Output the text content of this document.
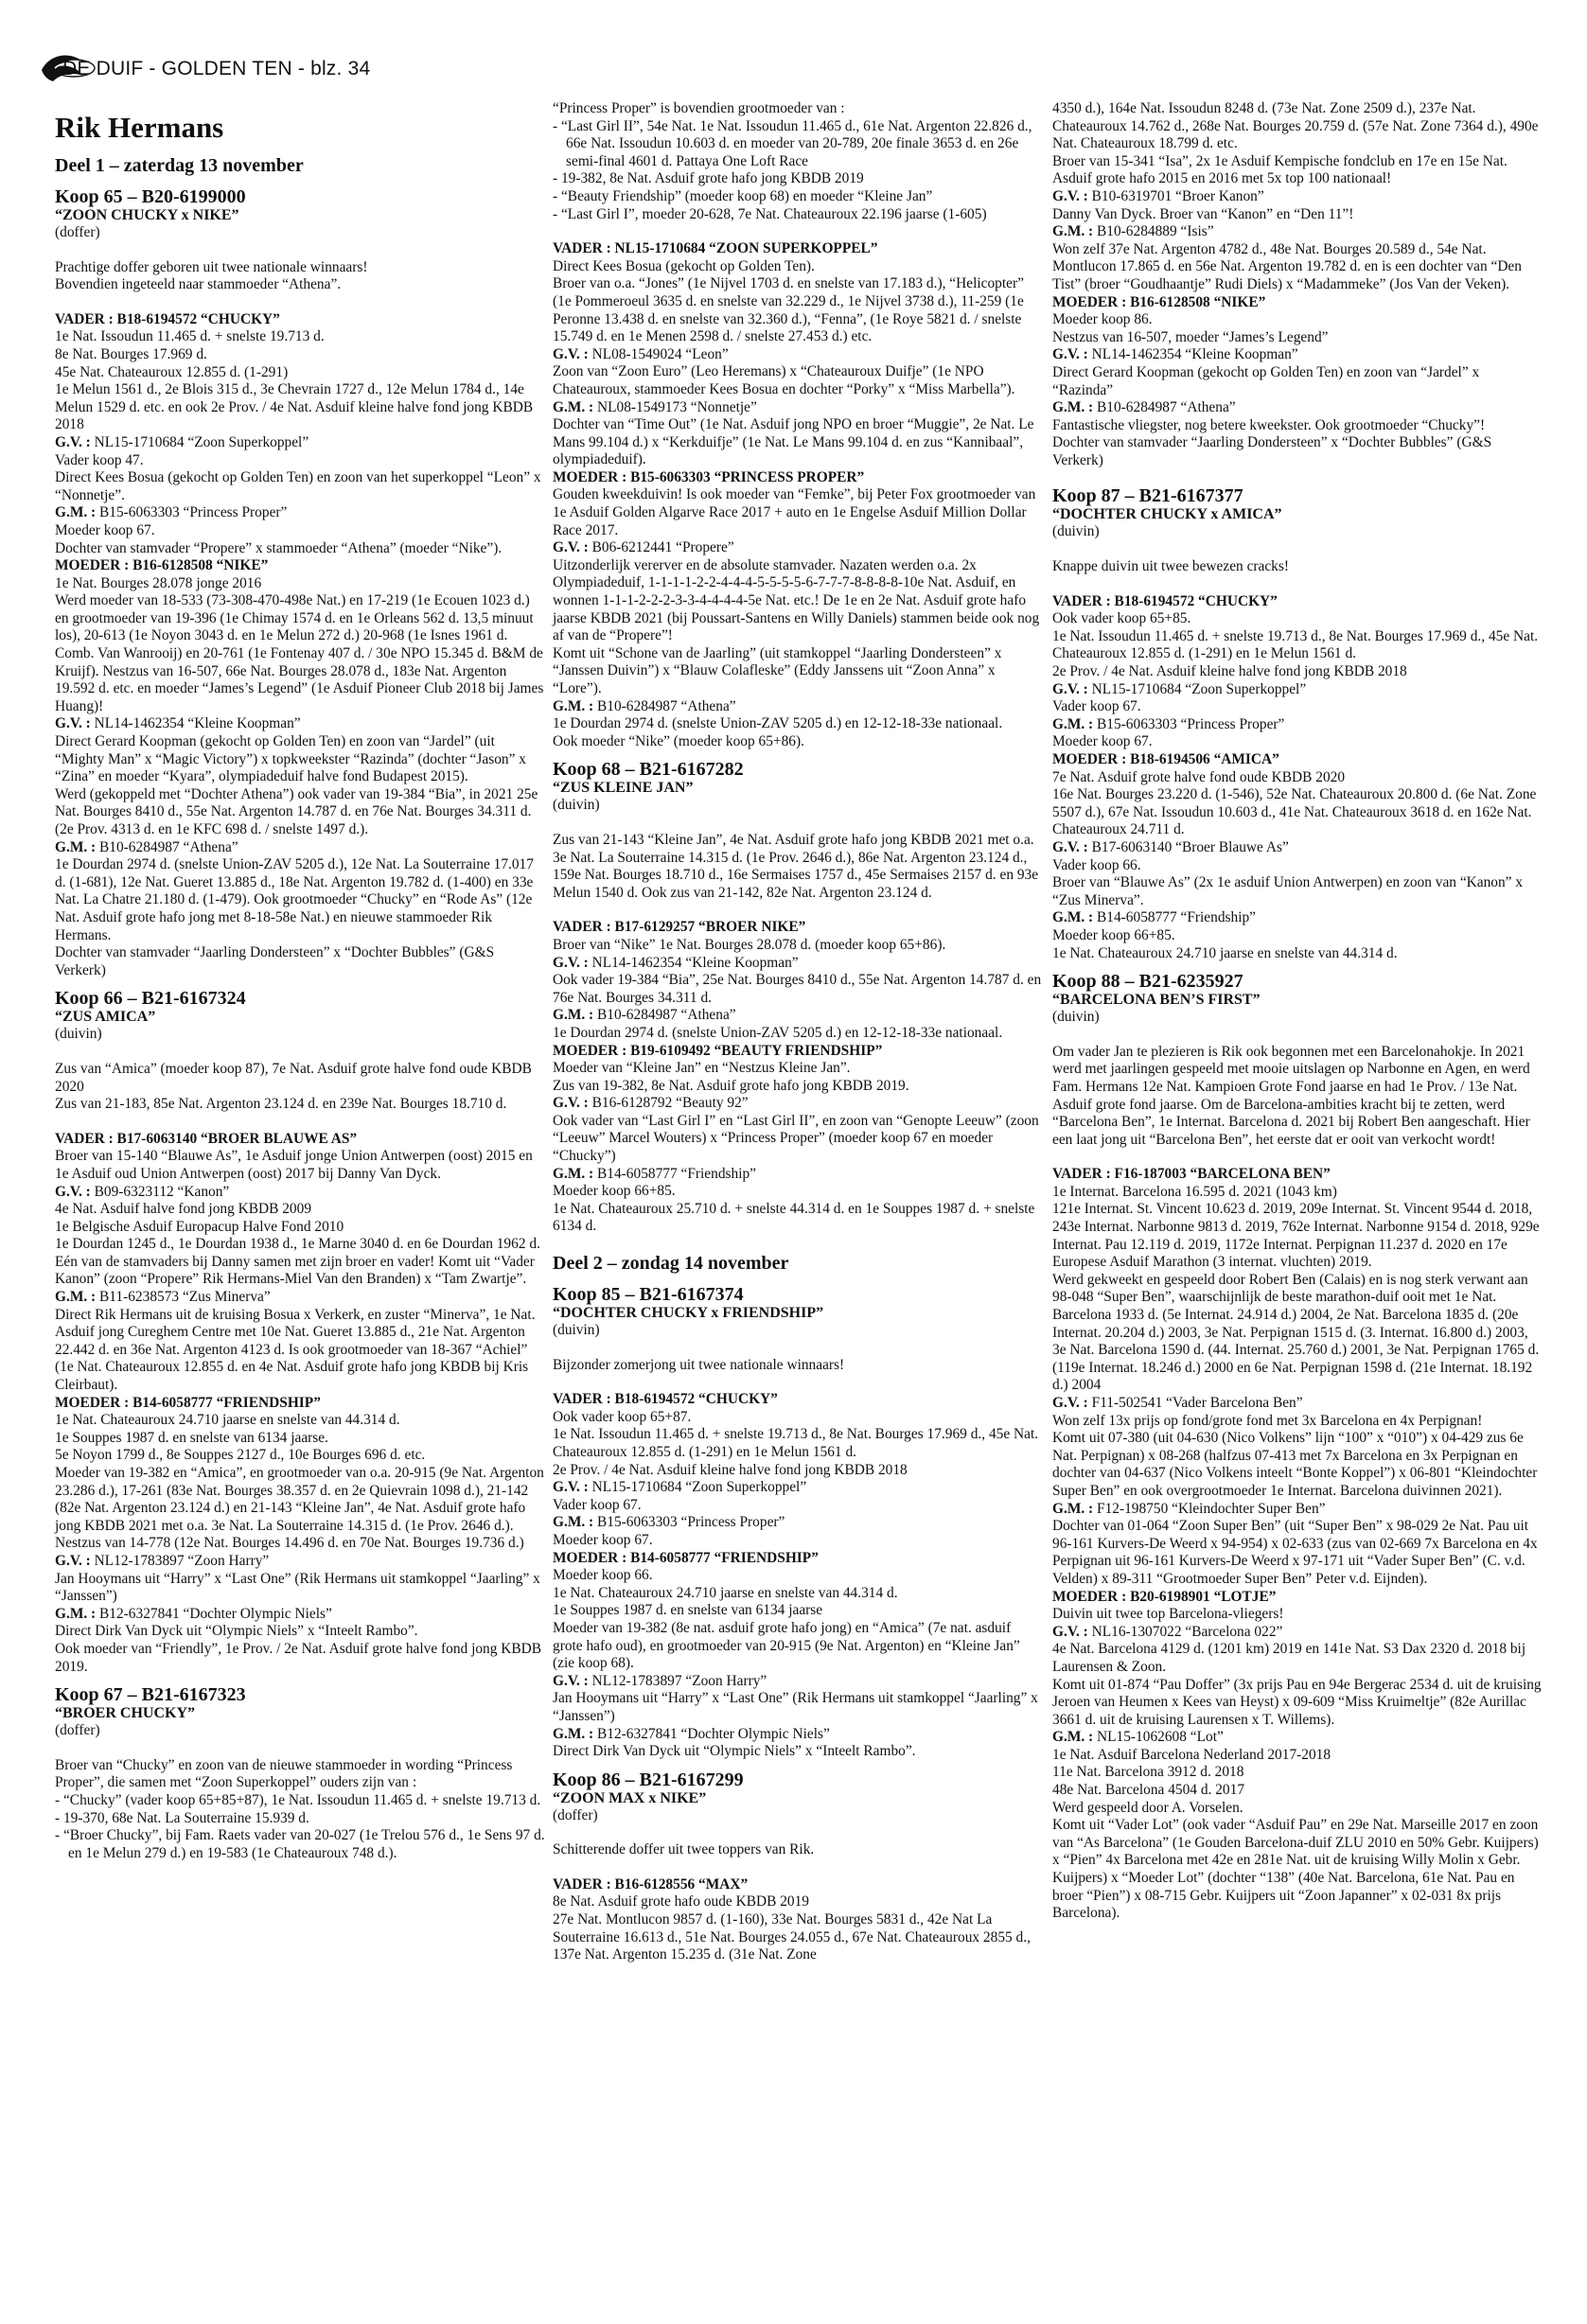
DE DUIF - GOLDEN TEN - blz. 34
Rik Hermans
Deel 1 – zaterdag 13 november
Koop 65 – B20-6199000
“ZOON CHUCKY x NIKE”
(doffer)

Prachtige doffer geboren uit twee nationale winnaars!

Bovendien ingeteeld naar stammoeder “Athena”.

VADER : B18-6194572 “CHUCKY”

1e Nat. Issoudun 11.465 d. + snelste 19.713 d.

8e Nat. Bourges 17.969 d.

45e Nat. Chateauroux 12.855 d. (1-291)

1e Melun 1561 d., 2e Blois 315 d., 3e Chevrain 1727 d., 12e Melun 1784 d., 14e Melun 1529 d. etc. en ook 2e Prov. / 4e Nat. Asduif kleine halve fond jong KBDB 2018

G.V. : NL15-1710684 “Zoon Superkoppel”

Vader koop 47.

Direct Kees Bosua (gekocht op Golden Ten) en zoon van het superkoppel “Leon” x “Nonnetje”.

G.M. : B15-6063303 “Princess Proper”

Moeder koop 67.

Dochter van stamvader “Propere” x stammoeder “Athena” (moeder “Nike”).

MOEDER : B16-6128508 “NIKE”

1e Nat. Bourges 28.078 jonge 2016

Werd moeder van 18-533 (73-308-470-498e Nat.) en 17-219 (1e Ecouen 1023 d.) en grootmoeder van 19-396 (1e Chimay 1574 d. en 1e Orleans 562 d. 13,5 minuut los), 20-613 (1e Noyon 3043 d. en 1e Melun 272 d.) 20-968 (1e Isnes 1961 d. Comb. Van Wanrooij) en 20-761 (1e Fontenay 407 d. / 30e NPO 15.345 d. B&M de Kruijf). Nestzus van 16-507, 66e Nat. Bourges 28.078 d., 183e Nat. Argenton 19.592 d. etc. en moeder “James’s Legend” (1e Asduif Pioneer Club 2018 bij James Huang)!

G.V. : NL14-1462354 “Kleine Koopman”

Direct Gerard Koopman (gekocht op Golden Ten) en zoon van “Jardel” (uit “Mighty Man” x “Magic Victory”) x topkweekster “Razinda” (dochter “Jason” x “Zina” en moeder “Kyara”, olympiadeduif halve fond Budapest 2015).

Werd (gekoppeld met “Dochter Athena”) ook vader van 19-384 “Bia”, in 2021 25e Nat. Bourges 8410 d., 55e Nat. Argenton 14.787 d. en 76e Nat. Bourges 34.311 d. (2e Prov. 4313 d. en 1e KFC 698 d. / snelste 1497 d.).

G.M. : B10-6284987 “Athena”

1e Dourdan 2974 d. (snelste Union-ZAV 5205 d.), 12e Nat. La Souterraine 17.017 d. (1-681), 12e Nat. Gueret 13.885 d., 18e Nat. Argenton 19.782 d. (1-400) en 33e Nat. La Chatre 21.180 d. (1-479). Ook grootmoeder “Chucky” en “Rode As” (12e Nat. Asduif grote hafo jong met 8-18-58e Nat.) en nieuwe stammoeder Rik Hermans.

Dochter van stamvader “Jaarling Dondersteen” x “Dochter Bubbles” (G&S Verkerk)

Koop 66 – B21-6167324
“ZUS AMICA”
(duivin)

Zus van “Amica” (moeder koop 87), 7e Nat. Asduif grote halve fond oude KBDB 2020

Zus van 21-183, 85e Nat. Argenton 23.124 d. en 239e Nat. Bourges 18.710 d.

VADER : B17-6063140 “BROER BLAUWE AS”

Broer van 15-140 “Blauwe As”, 1e Asduif jonge Union Antwerpen (oost) 2015 en 1e Asduif oud Union Antwerpen (oost) 2017 bij Danny Van Dyck.

G.V. : B09-6323112 “Kanon”

4e Nat. Asduif halve fond jong KBDB 2009

1e Belgische Asduif Europacup Halve Fond 2010

1e Dourdan 1245 d., 1e Dourdan 1938 d., 1e Marne 3040 d. en 6e Dourdan 1962 d.

Eén van de stamvaders bij Danny samen met zijn broer en vader! Komt uit “Vader Kanon” (zoon “Propere” Rik Hermans-Miel Van den Branden) x “Tam Zwartje”.

G.M. : B11-6238573 “Zus Minerva”

Direct Rik Hermans uit de kruising Bosua x Verkerk, en zuster “Minerva”, 1e Nat. Asduif jong Cureghem Centre met 10e Nat. Gueret 13.885 d., 21e Nat. Argenton 22.442 d. en 36e Nat. Argenton 4123 d. Is ook grootmoeder van 18-367 “Achiel” (1e Nat. Chateauroux 12.855 d. en 4e Nat. Asduif grote hafo jong KBDB bij Kris Cleirbaut).

MOEDER : B14-6058777 “FRIENDSHIP”

1e Nat. Chateauroux 24.710 jaarse en snelste van 44.314 d.

1e Souppes 1987 d. en snelste van 6134 jaarse.

5e Noyon 1799 d., 8e Souppes 2127 d., 10e Bourges 696 d. etc.

Moeder van 19-382 en “Amica”, en grootmoeder van o.a. 20-915 (9e Nat. Argenton 23.286 d.), 17-261 (83e Nat. Bourges 38.357 d. en 2e Quievrain 1098 d.), 21-142 (82e Nat. Argenton 23.124 d.) en 21-143 “Kleine Jan”, 4e Nat. Asduif grote hafo jong KBDB 2021 met o.a. 3e Nat. La Souterraine 14.315 d. (1e Prov. 2646 d.).

Nestzus van 14-778 (12e Nat. Bourges 14.496 d. en 70e Nat. Bourges 19.736 d.)

G.V. : NL12-1783897 “Zoon Harry”

Jan Hooymans uit “Harry” x “Last One” (Rik Hermans uit stamkoppel “Jaarling” x “Janssen”)

G.M. : B12-6327841 “Dochter Olympic Niels”

Direct Dirk Van Dyck uit “Olympic Niels” x “Inteelt Rambo”.

Ook moeder van “Friendly”, 1e Prov. / 2e Nat. Asduif grote halve fond jong KBDB 2019.

Koop 67 – B21-6167323
“BROER CHUCKY”
(doffer)

Broer van “Chucky” en zoon van de nieuwe stammoeder in wording “Princess Proper”, die samen met “Zoon Superkoppel” ouders zijn van :

- “Chucky” (vader koop 65+85+87), 1e Nat. Issoudun 11.465 d. + snelste 19.713 d.

- 19-370, 68e Nat. La Souterraine 15.939 d.

- “Broer Chucky”, bij Fam. Raets vader van 20-027 (1e Trelou 576 d., 1e Sens 97 d. en 1e Melun 279 d.) en 19-583 (1e Chateauroux 748 d.).

“Princess Proper” is bovendien grootmoeder van :

- “Last Girl II”, 54e Nat. 1e Nat. Issoudun 11.465 d., 61e Nat. Argenton 22.826 d., 66e Nat. Issoudun 10.603 d. en moeder van 20-789, 20e finale 3653 d. en 26e semi-final 4601 d. Pattaya One Loft Race

- 19-382, 8e Nat. Asduif grote hafo jong KBDB 2019

- “Beauty Friendship” (moeder koop 68) en moeder “Kleine Jan”

- “Last Girl I”, moeder 20-628, 7e Nat. Chateauroux 22.196 jaarse (1-605)

VADER : NL15-1710684 “ZOON SUPERKOPPEL”

Direct Kees Bosua (gekocht op Golden Ten).

Broer van o.a. “Jones” (1e Nijvel 1703 d. en snelste van 17.183 d.), “Helicopter” (1e Pommeroeul 3635 d. en snelste van 32.229 d., 1e Nijvel 3738 d.), 11-259 (1e Peronne 13.438 d. en snelste van 32.360 d.), “Fenna”, (1e Roye 5821 d. / snelste 15.749 d. en 1e Menen 2598 d. / snelste 27.453 d.) etc.

G.V. : NL08-1549024 “Leon”

Zoon van “Zoon Euro” (Leo Heremans) x “Chateauroux Duifje” (1e NPO Chateauroux, stammoeder Kees Bosua en dochter “Porky” x “Miss Marbella”).

G.M. : NL08-1549173 “Nonnetje”

Dochter van “Time Out” (1e Nat. Asduif jong NPO en broer “Muggie”, 2e Nat. Le Mans 99.104 d.) x “Kerkduifje” (1e Nat. Le Mans 99.104 d. en zus “Kannibaal”, olympiadeduif).

MOEDER : B15-6063303 “PRINCESS PROPER”

Gouden kweekduivin! Is ook moeder van “Femke”, bij Peter Fox grootmoeder van 1e Asduif Golden Algarve Race 2017 + auto en 1e Engelse Asduif Million Dollar Race 2017.

G.V. : B06-6212441 “Propere”

Uitzonderlijk vererver en de absolute stamvader. Nazaten werden o.a. 2x Olympiadeduif, 1-1-1-1-2-2-4-4-4-5-5-5-5-6-7-7-7-8-8-8-8-10e Nat. Asduif, en wonnen 1-1-1-2-2-2-3-3-4-4-4-4-5e Nat. etc.! De 1e en 2e Nat. Asduif grote hafo jaarse KBDB 2021 (bij Poussart-Santens en Willy Daniels) stammen beide ook nog af van de “Propere”!

Komt uit “Schone van de Jaarling” (uit stamkoppel “Jaarling Dondersteen” x “Janssen Duivin”) x “Blauw Colafleske” (Eddy Janssens uit “Zoon Anna” x “Lore”).

G.M. : B10-6284987 “Athena”

1e Dourdan 2974 d. (snelste Union-ZAV 5205 d.) en 12-12-18-33e nationaal.

Ook moeder “Nike” (moeder koop 65+86).

Koop 68 – B21-6167282
“ZUS KLEINE JAN”
(duivin)

Zus van 21-143 “Kleine Jan”, 4e Nat. Asduif grote hafo jong KBDB 2021 met o.a. 3e Nat. La Souterraine 14.315 d. (1e Prov. 2646 d.), 86e Nat. Argenton 23.124 d., 159e Nat. Bourges 18.710 d., 16e Sermaises 1757 d., 45e Sermaises 2157 d. en 93e Melun 1540 d. Ook zus van 21-142, 82e Nat. Argenton 23.124 d.

VADER : B17-6129257 “BROER NIKE”

Broer van “Nike” 1e Nat. Bourges 28.078 d. (moeder koop 65+86).

G.V. : NL14-1462354 “Kleine Koopman”

Ook vader 19-384 “Bia”, 25e Nat. Bourges 8410 d., 55e Nat. Argenton 14.787 d. en 76e Nat. Bourges 34.311 d.

G.M. : B10-6284987 “Athena”

1e Dourdan 2974 d. (snelste Union-ZAV 5205 d.) en 12-12-18-33e nationaal.

MOEDER : B19-6109492 “BEAUTY FRIENDSHIP”

Moeder van “Kleine Jan” en “Nestzus Kleine Jan”.

Zus van 19-382, 8e Nat. Asduif grote hafo jong KBDB 2019.

G.V. : B16-6128792 “Beauty 92”

Ook vader van “Last Girl I” en “Last Girl II”, en zoon van “Genopte Leeuw” (zoon “Leeuw” Marcel Wouters) x “Princess Proper” (moeder koop 67 en moeder “Chucky”)

G.M. : B14-6058777 “Friendship”

Moeder koop 66+85.

1e Nat. Chateauroux 25.710 d. + snelste 44.314 d. en 1e Souppes 1987 d. + snelste 6134 d.

Deel 2 – zondag 14 november
Koop 85 – B21-6167374
“DOCHTER CHUCKY x FRIENDSHIP”
(duivin)

Bijzonder zomerjong uit twee nationale winnaars!

VADER : B18-6194572 “CHUCKY”

Ook vader koop 65+87.

1e Nat. Issoudun 11.465 d. + snelste 19.713 d., 8e Nat. Bourges 17.969 d., 45e Nat. Chateauroux 12.855 d. (1-291) en 1e Melun 1561 d.

2e Prov. / 4e Nat. Asduif kleine halve fond jong KBDB 2018

G.V. : NL15-1710684 “Zoon Superkoppel”

Vader koop 67.

G.M. : B15-6063303 “Princess Proper”

Moeder koop 67.

MOEDER : B14-6058777 “FRIENDSHIP”

Moeder koop 66.

1e Nat. Chateauroux 24.710 jaarse en snelste van 44.314 d.

1e Souppes 1987 d. en snelste van 6134 jaarse

Moeder van 19-382 (8e nat. asduif grote hafo jong) en “Amica” (7e nat. asduif grote hafo oud), en grootmoeder van 20-915 (9e Nat. Argenton) en “Kleine Jan” (zie koop 68).

G.V. : NL12-1783897 “Zoon Harry”

Jan Hooymans uit “Harry” x “Last One” (Rik Hermans uit stamkoppel “Jaarling” x “Janssen”)

G.M. : B12-6327841 “Dochter Olympic Niels”

Direct Dirk Van Dyck uit “Olympic Niels” x “Inteelt Rambo”.

Koop 86 – B21-6167299
“ZOON MAX x NIKE”
(doffer)

Schitterende doffer uit twee toppers van Rik.

VADER : B16-6128556 “MAX”

8e Nat. Asduif grote hafo oude KBDB 2019

27e Nat. Montlucon 9857 d. (1-160), 33e Nat. Bourges 5831 d., 42e Nat La Souterraine 16.613 d., 51e Nat. Bourges 24.055 d., 67e Nat. Chateauroux 2855 d., 137e Nat. Argenton 15.235 d. (31e Nat. Zone

4350 d.), 164e Nat. Issoudun 8248 d. (73e Nat. Zone 2509 d.), 237e Nat. Chateauroux 14.762 d., 268e Nat. Bourges 20.759 d. (57e Nat. Zone 7364 d.), 490e Nat. Chateauroux 18.799 d. etc.

Broer van 15-341 “Isa”, 2x 1e Asduif Kempische fondclub en 17e en 15e Nat. Asduif grote hafo 2015 en 2016 met 5x top 100 nationaal!

G.V. : B10-6319701 “Broer Kanon”

Danny Van Dyck. Broer van “Kanon” en “Den 11”!

G.M. : B10-6284889 “Isis”

Won zelf 37e Nat. Argenton 4782 d., 48e Nat. Bourges 20.589 d., 54e Nat. Montlucon 17.865 d. en 56e Nat. Argenton 19.782 d. en is een dochter van “Den Tist” (broer “Goudhaantje” Rudi Diels) x “Madammeke” (Jos Van der Veken).

MOEDER : B16-6128508 “NIKE”

Moeder koop 86.

Nestzus van 16-507, moeder “James’s Legend”

G.V. : NL14-1462354 “Kleine Koopman”

Direct Gerard Koopman (gekocht op Golden Ten) en zoon van “Jardel” x “Razinda”

G.M. : B10-6284987 “Athena”

Fantastische vliegster, nog betere kweekster. Ook grootmoeder “Chucky”!

Dochter van stamvader “Jaarling Dondersteen” x “Dochter Bubbles” (G&S Verkerk)

Koop 87 – B21-6167377
“DOCHTER CHUCKY x AMICA”
(duivin)

Knappe duivin uit twee bewezen cracks!

VADER : B18-6194572 “CHUCKY”

Ook vader koop 65+85.

1e Nat. Issoudun 11.465 d. + snelste 19.713 d., 8e Nat. Bourges 17.969 d., 45e Nat. Chateauroux 12.855 d. (1-291) en 1e Melun 1561 d.

2e Prov. / 4e Nat. Asduif kleine halve fond jong KBDB 2018

G.V. : NL15-1710684 “Zoon Superkoppel”

Vader koop 67.

G.M. : B15-6063303 “Princess Proper”

Moeder koop 67.

MOEDER : B18-6194506 “AMICA”

7e Nat. Asduif grote halve fond oude KBDB 2020

16e Nat. Bourges 23.220 d. (1-546), 52e Nat. Chateauroux 20.800 d. (6e Nat. Zone 5507 d.), 67e Nat. Issoudun 10.603 d., 41e Nat. Chateauroux 3618 d. en 162e Nat. Chateauroux 24.711 d.

G.V. : B17-6063140 “Broer Blauwe As”

Vader koop 66.

Broer van “Blauwe As” (2x 1e asduif Union Antwerpen) en zoon van “Kanon” x “Zus Minerva”.

G.M. : B14-6058777 “Friendship”

Moeder koop 66+85.

1e Nat. Chateauroux 24.710 jaarse en snelste van 44.314 d.

Koop 88 – B21-6235927
“BARCELONA BEN’S FIRST”
(duivin)

Om vader Jan te plezieren is Rik ook begonnen met een Barcelonahokje. In 2021 werd met jaarlingen gespeeld met mooie uitslagen op Narbonne en Agen, en werd Fam. Hermans 12e Nat. Kampioen Grote Fond jaarse en had 1e Prov. / 13e Nat. Asduif grote fond jaarse. Om de Barcelona-ambities kracht bij te zetten, werd “Barcelona Ben”, 1e Internat. Barcelona d. 2021 bij Robert Ben aangeschaft. Hier een laat jong uit “Barcelona Ben”, het eerste dat er ooit van verkocht wordt!

VADER : F16-187003 “BARCELONA BEN”

1e Internat. Barcelona 16.595 d. 2021 (1043 km)

121e Internat. St. Vincent 10.623 d. 2019, 209e Internat. St. Vincent 9544 d. 2018, 243e Internat. Narbonne 9813 d. 2019, 762e Internat. Narbonne 9154 d. 2018, 929e Internat. Pau 12.119 d. 2019, 1172e Internat. Perpignan 11.237 d. 2020 en 17e Europese Asduif Marathon (3 internat. vluchten) 2019.

Werd gekweekt en gespeeld door Robert Ben (Calais) en is nog sterk verwant aan 98-048 “Super Ben”, waarschijnlijk de beste marathon-duif ooit met 1e Nat. Barcelona 1933 d. (5e Internat. 24.914 d.) 2004, 2e Nat. Barcelona 1835 d. (20e Internat. 20.204 d.) 2003, 3e Nat. Perpignan 1515 d. (3. Internat. 16.800 d.) 2003, 3e Nat. Barcelona 1590 d. (44. Internat. 25.760 d.) 2001, 3e Nat. Perpignan 1765 d. (119e Internat. 18.246 d.) 2000 en 6e Nat. Perpignan 1598 d. (21e Internat. 18.192 d.) 2004

G.V. : F11-502541 “Vader Barcelona Ben”

Won zelf 13x prijs op fond/grote fond met 3x Barcelona en 4x Perpignan!

Komt uit 07-380 (uit 04-630 (Nico Volkens” lijn “100” x “010”) x 04-429 zus 6e Nat. Perpignan) x 08-268 (halfzus 07-413 met 7x Barcelona en 3x Perpignan en dochter van 04-637 (Nico Volkens inteelt “Bonte Koppel”) x 06-801 “Kleindochter Super Ben” en ook overgrootmoeder 1e Internat. Barcelona duivinnen 2021).

G.M. : F12-198750 “Kleindochter Super Ben”

Dochter van 01-064 “Zoon Super Ben” (uit “Super Ben” x 98-029 2e Nat. Pau uit 96-161 Kurvers-De Weerd x 94-954) x 02-633 (zus van 02-669 7x Barcelona en 4x Perpignan uit 96-161 Kurvers-De Weerd x 97-171 uit “Vader Super Ben” (C. v.d. Velden) x 89-311 “Grootmoeder Super Ben” Peter v.d. Eijnden).

MOEDER : B20-6198901 “LOTJE”

Duivin uit twee top Barcelona-vliegers!

G.V. : NL16-1307022 “Barcelona 022”

4e Nat. Barcelona 4129 d. (1201 km) 2019 en 141e Nat. S3 Dax 2320 d. 2018 bij Laurensen & Zoon.

Komt uit 01-874 “Pau Doffer” (3x prijs Pau en 94e Bergerac 2534 d. uit de kruising Jeroen van Heumen x Kees van Heyst) x 09-609 “Miss Kruimeltje” (82e Aurillac 3661 d. uit de kruising Laurensen x T. Willems).

G.M. : NL15-1062608 “Lot”

1e Nat. Asduif Barcelona Nederland 2017-2018

11e Nat. Barcelona 3912 d. 2018

48e Nat. Barcelona 4504 d. 2017

Werd gespeeld door A. Vorselen.

Komt uit “Vader Lot” (ook vader “Asduif Pau” en 29e Nat. Marseille 2017 en zoon van “As Barcelona” (1e Gouden Barcelona-duif ZLU 2010 en 50% Gebr. Kuijpers) x “Pien” 4x Barcelona met 42e en 281e Nat. uit de kruising Willy Molin x Gebr. Kuijpers) x “Moeder Lot” (dochter “138” (40e Nat. Barcelona, 61e Nat. Pau en broer “Pien”) x 08-715 Gebr. Kuijpers uit “Zoon Japanner” x 02-031 8x prijs Barcelona).
